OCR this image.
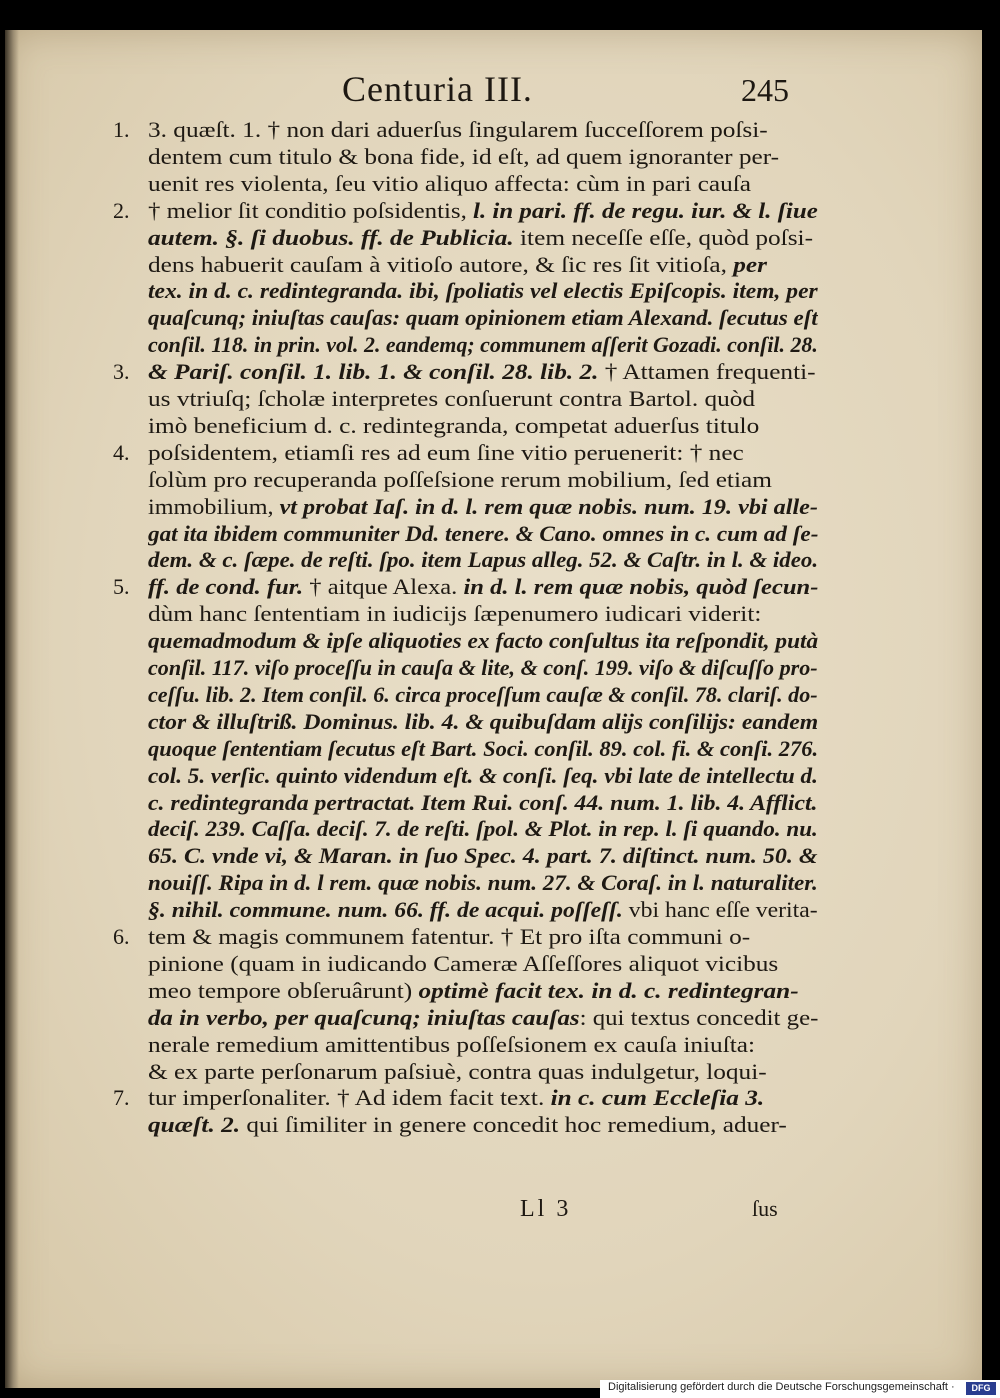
Centuria III.	245
1. 3. quæſt. 1. † non dari aduerſus ſingularem ſucceſſorem poſsi-
dentem cum titulo & bona fide, id eſt, ad quem ignoranter per-
uenit res violenta, ſeu vitio aliquo affecta: cùm in pari cauſa
2. † melior ſit conditio poſsidentis, l. in pari. ff. de regu. iur. & l. ſiue
autem. §. ſi duobus. ff. de Publicia. item neceſſe eſſe, quòd poſsi-
dens habuerit cauſam à vitioſo autore, & ſic res ſit vitioſa, per
tex. in d. c. redintegranda. ibi, ſpoliatis vel electis Epiſcopis. item, per
quaſcunq; iniuſtas cauſas: quam opinionem etiam Alexand. ſecutus eſt
conſil. 118. in prin. vol. 2. eandemq; communem aſſerit Gozadi. conſil. 28.
3. & Pariſ. conſil. 1. lib. 1. & conſil. 28. lib. 2. † Attamen frequenti-
us vtriuſq; ſcholæ interpretes conſuerunt contra Bartol. quòd
imò beneficium d. c. redintegranda, competat aduerſus titulo
4. poſsidentem, etiamſi res ad eum ſine vitio peruenerit: † nec
ſolùm pro recuperanda poſſeſsione rerum mobilium, ſed etiam
immobilium, vt probat Iaſ. in d. l. rem quæ nobis. num. 19. vbi alle-
gat ita ibidem communiter Dd. tenere. & Cano. omnes in c. cum ad ſe-
dem. & c. ſæpe. de reſti. ſpo. item Lapus alleg. 52. & Caſtr. in l. & ideo.
5. ff. de cond. fur. † aitque Alexa. in d. l. rem quæ nobis, quòd ſecun-
dùm hanc ſententiam in iudicijs ſæpenumero iudicari viderit:
quemadmodum & ipſe aliquoties ex facto conſultus ita reſpondit, putà
conſil. 117. viſo proceſſu in cauſa & lite, & conſ. 199. viſo & diſcuſſo pro-
ceſſu. lib. 2. Item conſil. 6. circa proceſſum cauſæ & conſil. 78. clariſ. do-
ctor & illuſtriß. Dominus. lib. 4. & quibuſdam alijs conſilijs: eandem
quoque ſententiam ſecutus eſt Bart. Soci. conſil. 89. col. fi. & conſi. 276.
col. 5. verſic. quinto videndum eſt. & conſi. ſeq. vbi late de intellectu d.
c. redintegranda pertractat. Item Rui. conſ. 44. num. 1. lib. 4. Afflict.
deciſ. 239. Caſſa. deciſ. 7. de reſti. ſpol. & Plot. in rep. l. ſi quando. nu.
65. C. vnde vi, & Maran. in ſuo Spec. 4. part. 7. diſtinct. num. 50. &
nouiſſ. Ripa in d. l rem. quæ nobis. num. 27. & Coraſ. in l. naturaliter.
§. nihil. commune. num. 66. ff. de acqui. poſſeſſ. vbi hanc eſſe verita-
6. tem & magis communem fatentur. † Et pro iſta communi o-
pinione (quam in iudicando Cameræ Aſſeſſores aliquot vicibus
meo tempore obſeruârunt) optimè facit tex. in d. c. redintegran-
da in verbo, per quaſcunq; iniuſtas cauſas: qui textus concedit ge-
nerale remedium amittentibus poſſeſsionem ex cauſa iniuſta:
& ex parte perſonarum paſsiuè, contra quas indulgetur, loqui-
7. tur imperſonaliter. † Ad idem facit text. in c. cum Eccleſia 3.
quæſt. 2. qui ſimiliter in genere concedit hoc remedium, aduer-
Ll 3	ſus
Digitalisierung gefördert durch die Deutsche Forschungsgemeinschaft ·	DFG
